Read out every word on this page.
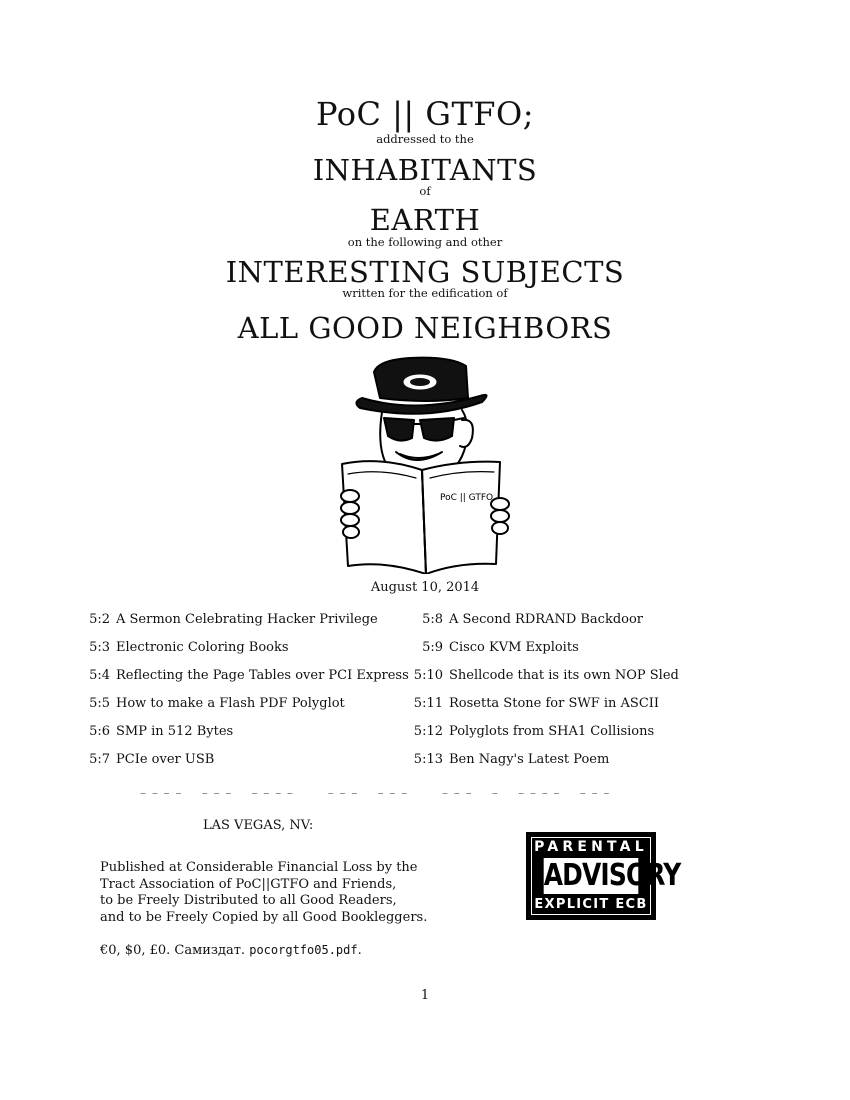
PoC || GTFO;
addressed to the
INHABITANTS
of
EARTH
on the following and other
INTERESTING SUBJECTS
written for the edification of
ALL GOOD NEIGHBORS
PoC || GTFO
August 10, 2014
5:2 A Sermon Celebrating Hacker Privilege
5:3 Electronic Coloring Books
5:4 Reflecting the Page Tables over PCI Express
5:5 How to make a Flash PDF Polyglot
5:6 SMP in 512 Bytes
5:7 PCIe over USB
5:8 A Second RDRAND Backdoor
5:9 Cisco KVM Exploits
5:10 Shellcode that is its own NOP Sled
5:11 Rosetta Stone for SWF in ASCII
5:12 Polyglots from SHA1 Collisions
5:13 Ben Nagy's Latest Poem
– – – –    – – –    – – – –       – – –    – – –       – – –    –    – – – –    – – –
LAS VEGAS, NV:
Published at Considerable Financial Loss by the
Tract Association of PoC||GTFO and Friends,
to be Freely Distributed to all Good Readers,
and to be Freely Copied by all Good Bookleggers.
€0, $0, £0. Самиздат. pocorgtfo05.pdf.
PARENTAL
ADVISORY
EXPLICIT ECB
1
